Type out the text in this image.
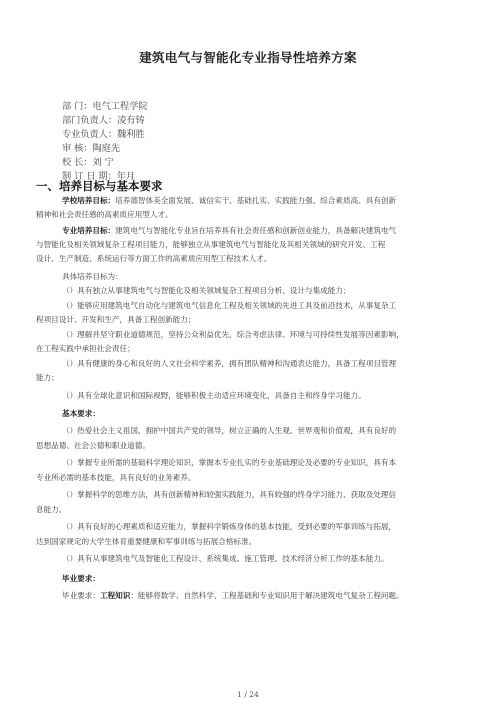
建筑电气与智能化专业指导性培养方案
部 门：电气工程学院
部门负责人：凌有铸
专业负责人：魏利胜
审 核：陶庭先
校 长：刘 宁
制 订 日 期：年月
一、培养目标与基本要求
学校培养目标：培养德智体美全面发展、诚信实干、基础扎实、实践能力强、综合素质高、具有创新
精神和社会责任感的高素质应用型人才。
专业培养目标：建筑电气与智能化专业旨在培养具有社会责任感和创新创业能力，具备解决建筑电气
与智能化及相关领域复杂工程项目能力，能够独立从事建筑电气与智能化及其相关领域的研究开发、工程
设计、生产制造、系统运行等方面工作的高素质应用型工程技术人才。
具体培养目标为：
（）具有独立从事建筑电气与智能化及相关领域复杂工程项目分析、设计与集成能力；
（）能够应用建筑电气自动化与建筑电气信息化工程及相关领域的先进工具及前沿技术，从事复杂工
程项目设计、开发和生产，具备工程创新能力；
（）理解并坚守职业道德规范，坚持公众利益优先，综合考虑法律、环境与可持续性发展等因素影响，
在工程实践中承担社会责任；
（）具有健康的身心和良好的人文社会科学素养，拥有团队精神和沟通表达能力，具备工程项目管理
能力；
（）具有全球化意识和国际视野，能够积极主动适应环境变化，具备自主和终身学习能力。
基本要求：
（）热爱社会主义祖国，拥护中国共产党的领导，树立正确的人生观、世界观和价值观，具有良好的
思想品德、社会公德和职业道德。
（）掌握专业所需的基础科学理论知识，掌握本专业扎实的专业基础理论及必要的专业知识，具有本
专业所必需的基本技能，具有良好的业务素养。
（）掌握科学的思维方法，具有创新精神和较强实践能力，具有较强的终身学习能力、获取及处理信
息能力。
（）具有良好的心理素质和适应能力，掌握科学锻炼身体的基本技能，受到必要的军事训练与拓展，
达到国家规定的大学生体育重要健康和军事训练与拓展合格标准。
（）具有从事建筑电气及智能化工程设计、系统集成、施工管理、技术经济分析工作的基本能力。
毕业要求：
毕业要求：工程知识：能够将数学、自然科学、工程基础和专业知识用于解决建筑电气复杂工程问题。
1 / 24
